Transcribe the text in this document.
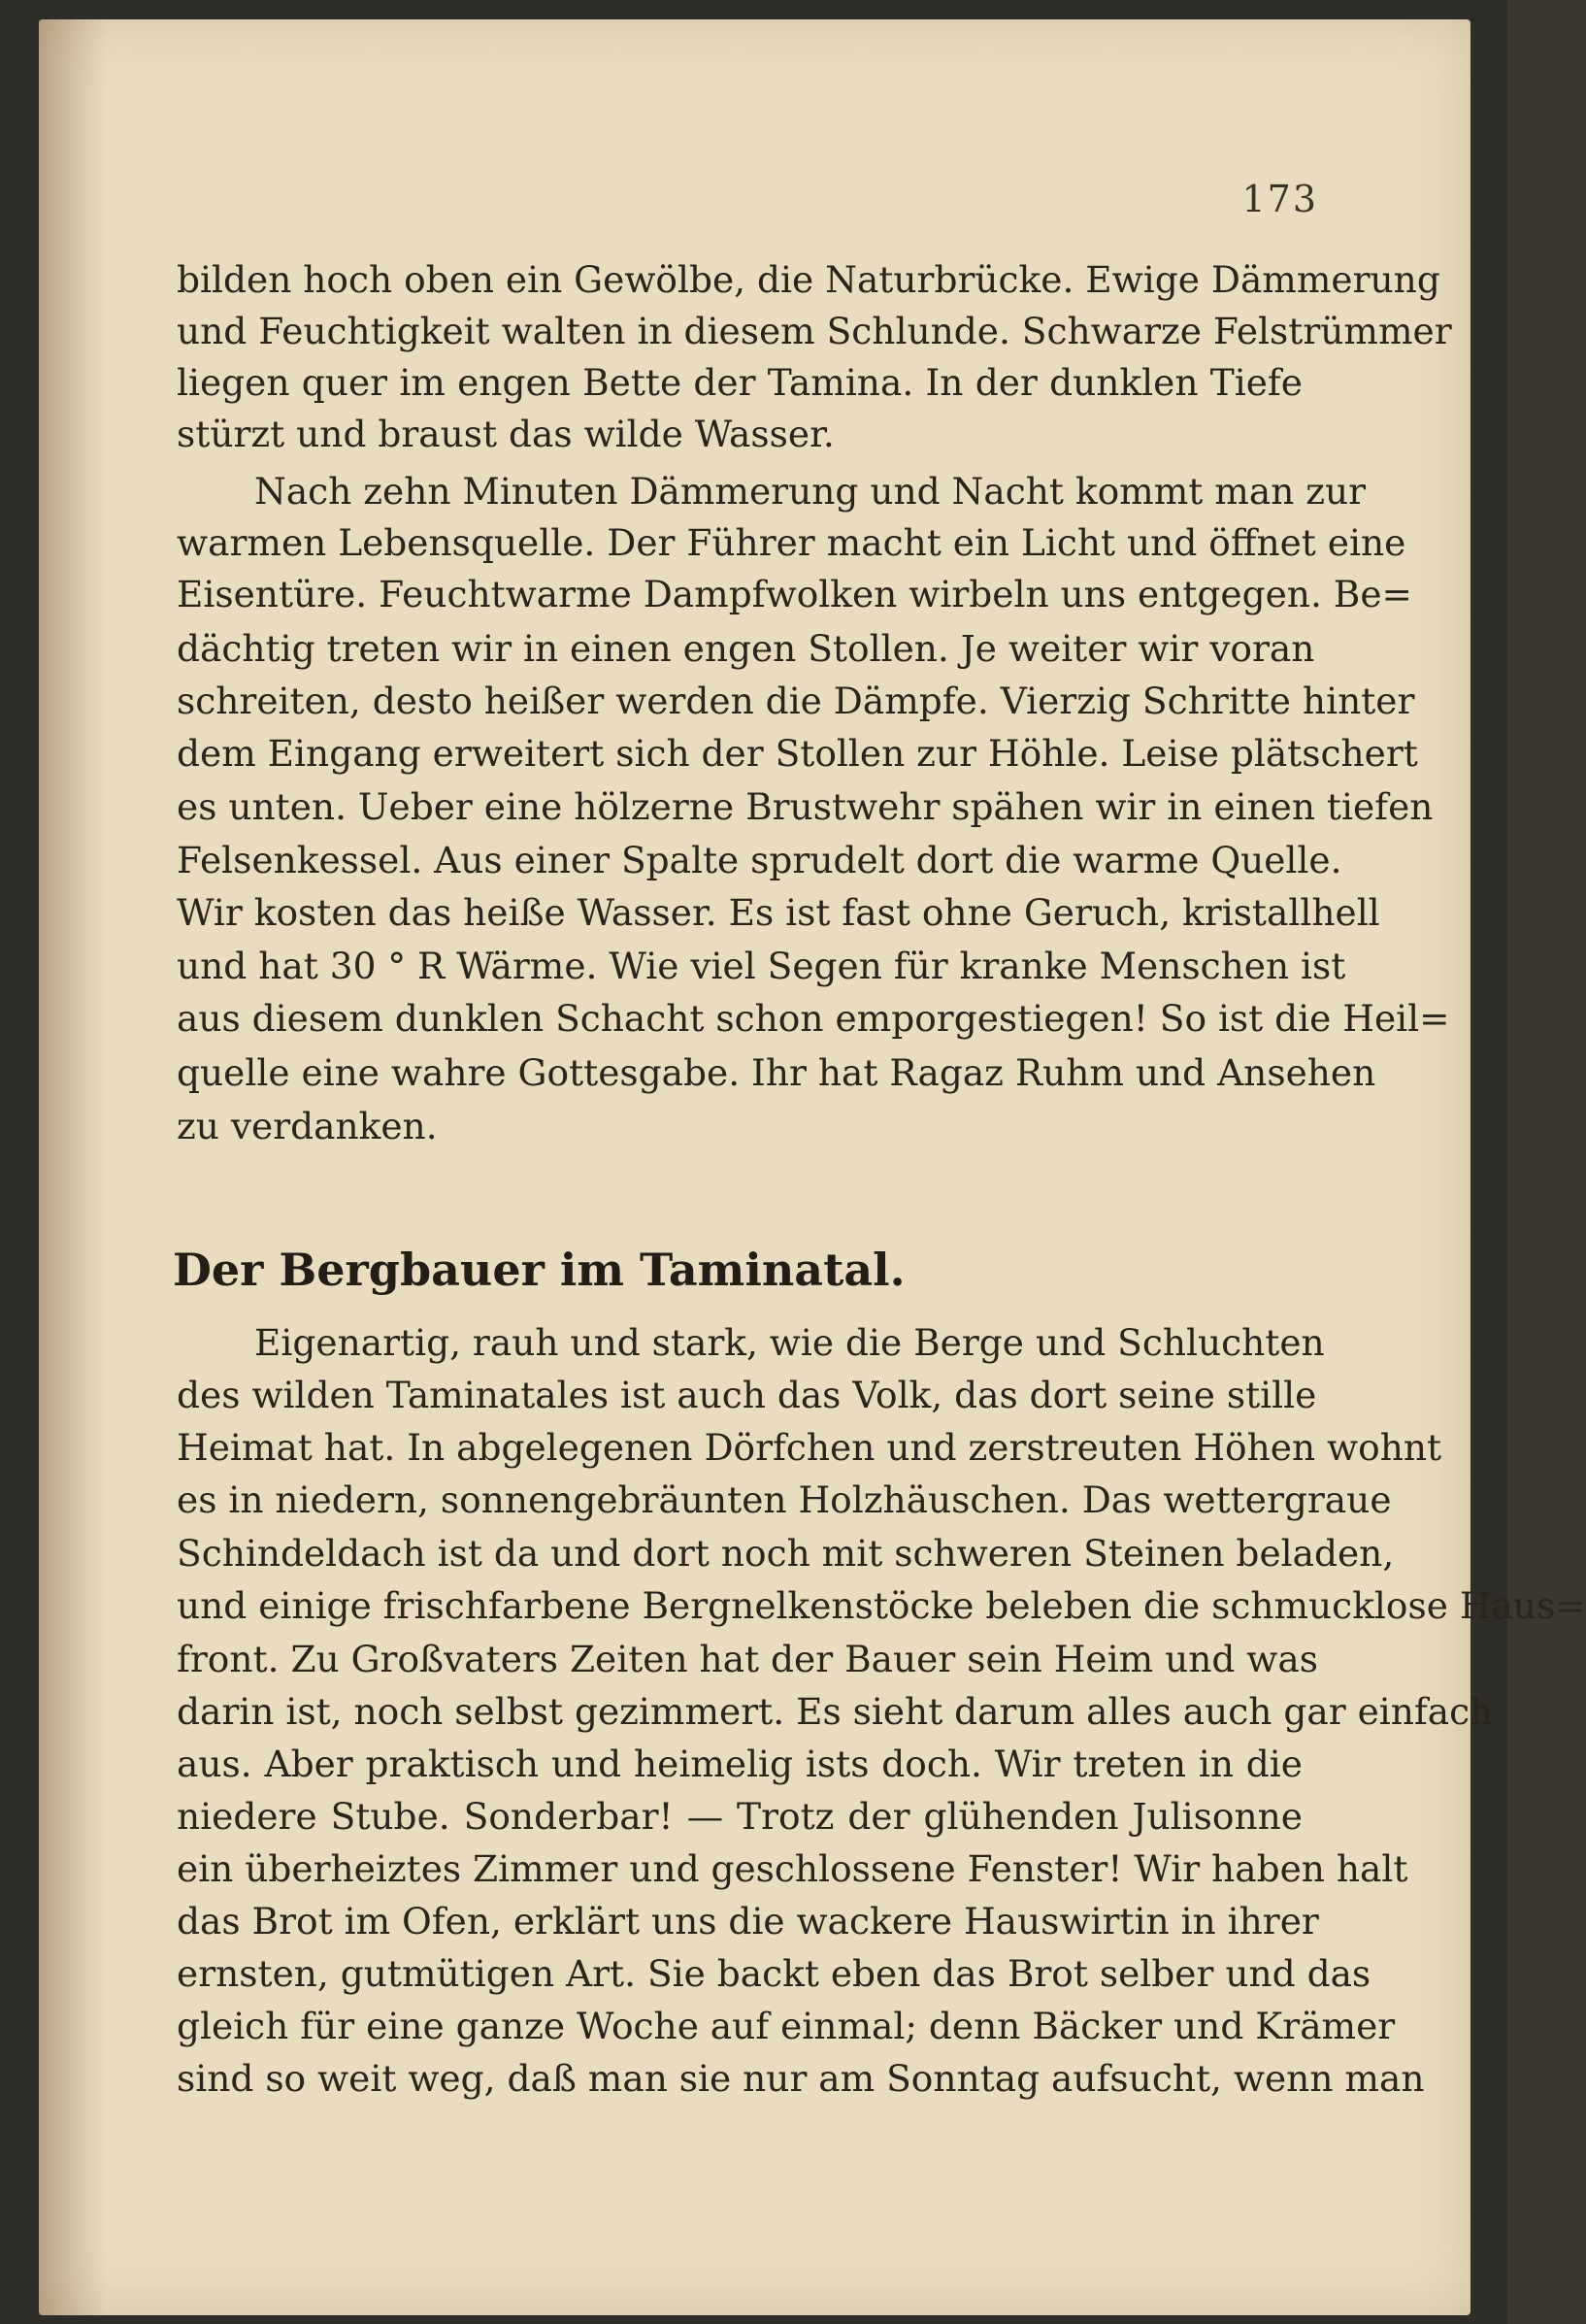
173
bilden hoch oben ein Gewölbe, die Naturbrücke. Ewige Dämmerung
und Feuchtigkeit walten in diesem Schlunde. Schwarze Felstrümmer
liegen quer im engen Bette der Tamina. In der dunklen Tiefe
stürzt und braust das wilde Wasser.
Nach zehn Minuten Dämmerung und Nacht kommt man zur
warmen Lebensquelle. Der Führer macht ein Licht und öffnet eine
Eisentüre. Feuchtwarme Dampfwolken wirbeln uns entgegen. Be=
dächtig treten wir in einen engen Stollen. Je weiter wir voran
schreiten, desto heißer werden die Dämpfe. Vierzig Schritte hinter
dem Eingang erweitert sich der Stollen zur Höhle. Leise plätschert
es unten. Ueber eine hölzerne Brustwehr spähen wir in einen tiefen
Felsenkessel. Aus einer Spalte sprudelt dort die warme Quelle.
Wir kosten das heiße Wasser. Es ist fast ohne Geruch, kristallhell
und hat 30 ° R Wärme. Wie viel Segen für kranke Menschen ist
aus diesem dunklen Schacht schon emporgestiegen! So ist die Heil=
quelle eine wahre Gottesgabe. Ihr hat Ragaz Ruhm und Ansehen
zu verdanken.
Der Bergbauer im Taminatal.
Eigenartig, rauh und stark, wie die Berge und Schluchten
des wilden Taminatales ist auch das Volk, das dort seine stille
Heimat hat. In abgelegenen Dörfchen und zerstreuten Höhen wohnt
es in niedern, sonnengebräunten Holzhäuschen. Das wettergraue
Schindeldach ist da und dort noch mit schweren Steinen beladen,
und einige frischfarbene Bergnelkenstöcke beleben die schmucklose Haus=
front. Zu Großvaters Zeiten hat der Bauer sein Heim und was
darin ist, noch selbst gezimmert. Es sieht darum alles auch gar einfach
aus. Aber praktisch und heimelig ists doch. Wir treten in die
niedere Stube. Sonderbar! — Trotz der glühenden Julisonne
ein überheiztes Zimmer und geschlossene Fenster! Wir haben halt
das Brot im Ofen, erklärt uns die wackere Hauswirtin in ihrer
ernsten, gutmütigen Art. Sie backt eben das Brot selber und das
gleich für eine ganze Woche auf einmal; denn Bäcker und Krämer
sind so weit weg, daß man sie nur am Sonntag aufsucht, wenn man
